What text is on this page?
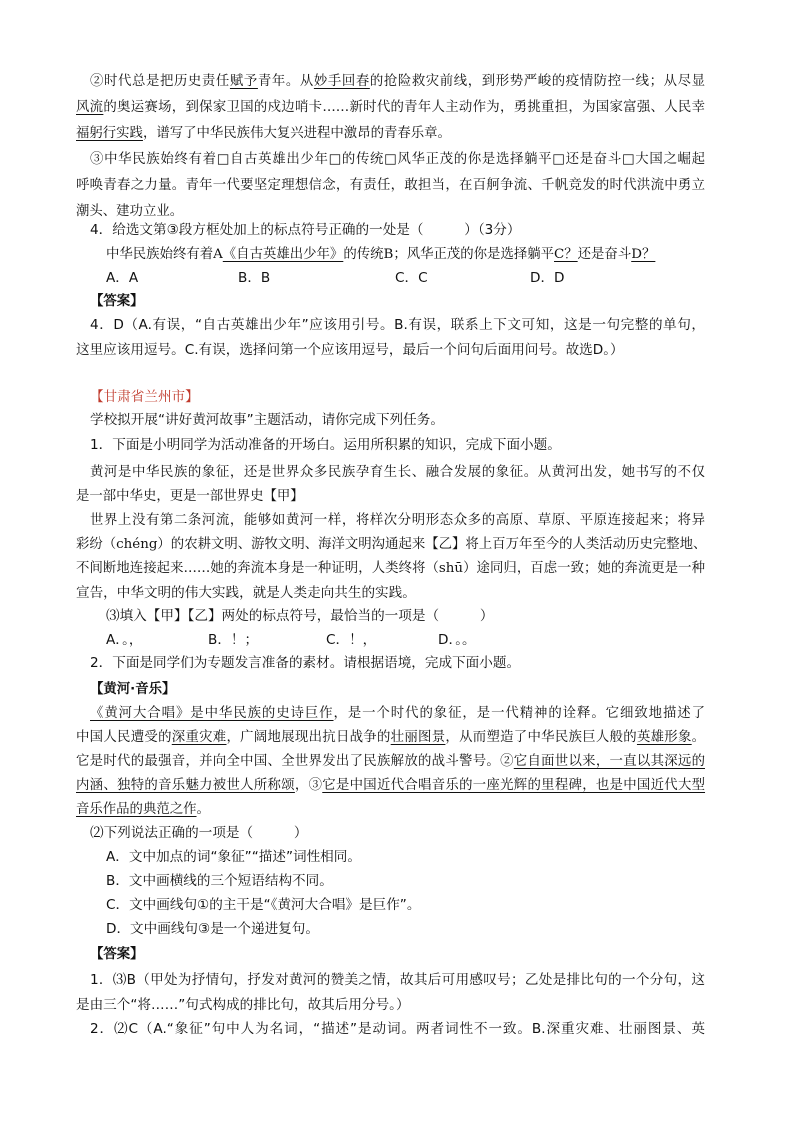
②时代总是把历史责任赋予青年。从妙手回春的抢险救灾前线，到形势严峻的疫情防控一线；从尽显
风流的奥运赛场，到保家卫国的戍边哨卡……新时代的青年人主动作为，勇挑重担，为国家富强、人民幸
福躬行实践，谱写了中华民族伟大复兴进程中激昂的青春乐章。
③中华民族始终有着□自古英雄出少年□的传统□风华正茂的你是选择躺平□还是奋斗□大国之崛起
呼唤青春之力量。青年一代要坚定理想信念，有责任，敢担当，在百舸争流、千帆竞发的时代洪流中勇立
潮头、建功立业。
4．给选文第③段方框处加上的标点符号正确的一处是（　　　）（3分）
中华民族始终有着A《自古英雄出少年》的传统B；风华正茂的你是选择躺平C？还是奋斗D？
A．A	B．B	C．C	D．D
【答案】
4．D（A.有误，“自古英雄出少年”应该用引号。B.有误，联系上下文可知，这是一句完整的单句，
这里应该用逗号。C.有误，选择问第一个应该用逗号，最后一个问句后面用问号。故选D。）
【甘肃省兰州市】
学校拟开展“讲好黄河故事”主题活动，请你完成下列任务。
1．下面是小明同学为活动准备的开场白。运用所积累的知识，完成下面小题。
黄河是中华民族的象征，还是世界众多民族孕育生长、融合发展的象征。从黄河出发，她书写的不仅
是一部中华史，更是一部世界史【甲】
世界上没有第二条河流，能够如黄河一样，将样次分明形态众多的高原、草原、平原连接起来；将异
彩纷（chéng）的农耕文明、游牧文明、海洋文明沟通起来【乙】将上百万年至今的人类活动历史完整地、
不间断地连接起来……她的奔流本身是一种证明，人类终将（shū）途同归，百虑一致；她的奔流更是一种
宣告，中华文明的伟大实践，就是人类走向共生的实践。
⑶填入【甲】【乙】两处的标点符号，最恰当的一项是（　　　）
A．。，	B．！；	C．！，	D．。。
2．下面是同学们为专题发言准备的素材。请根据语境，完成下面小题。
【黄河·音乐】
《黄河大合唱》是中华民族的史诗巨作，是一个时代的象征，是一代精神的诠释。它细致地描述了
中国人民遭受的深重灾难，广阔地展现出抗日战争的壮丽图景，从而塑造了中华民族巨人般的英雄形象。
它是时代的最强音，并向全中国、全世界发出了民族解放的战斗警号。②它自面世以来，一直以其深远的
内涵、独特的音乐魅力被世人所称颂，③它是中国近代合唱音乐的一座光辉的里程碑，也是中国近代大型
音乐作品的典范之作。
⑵下列说法正确的一项是（　　　）
A．文中加点的词“象征”“描述”词性相同。
B．文中画横线的三个短语结构不同。
C．文中画线句①的主干是“《黄河大合唱》是巨作”。
D．文中画线句③是一个递进复句。
【答案】
1．⑶B（甲处为抒情句，抒发对黄河的赞美之情，故其后可用感叹号；乙处是排比句的一个分句，这
是由三个“将……”句式构成的排比句，故其后用分号。）
2．⑵C（A.“象征”句中人为名词，“描述”是动词。两者词性不一致。B.深重灾难、壮丽图景、英
